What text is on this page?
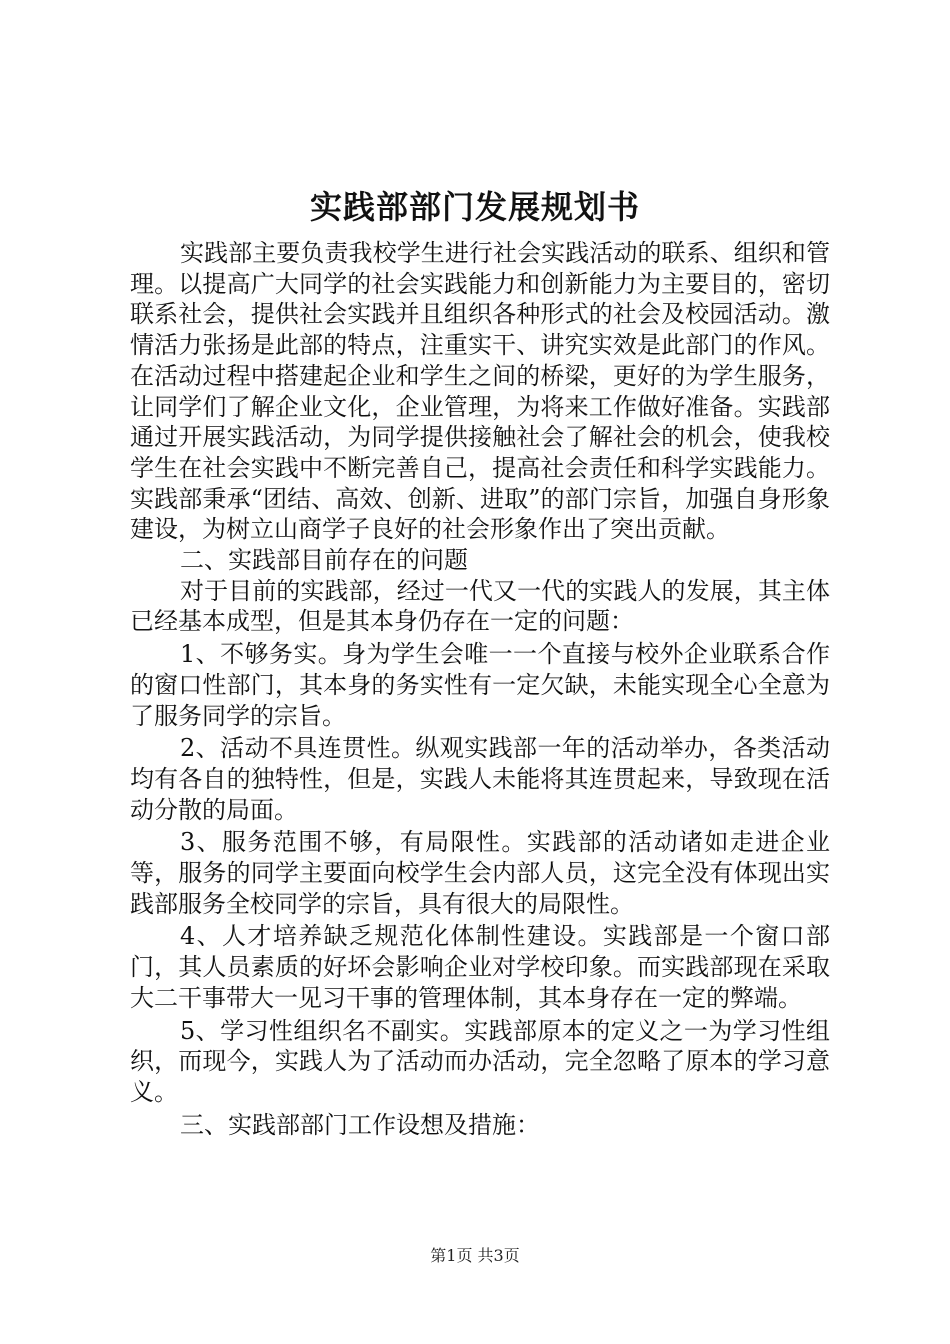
实践部部门发展规划书

实践部主要负责我校学生进行社会实践活动的联系、组织和管理。以提高广大同学的社会实践能力和创新能力为主要目的，密切联系社会，提供社会实践并且组织各种形式的社会及校园活动。激情活力张扬是此部的特点，注重实干、讲究实效是此部门的作风。在活动过程中搭建起企业和学生之间的桥梁，更好的为学生服务，让同学们了解企业文化，企业管理，为将来工作做好准备。实践部通过开展实践活动，为同学提供接触社会了解社会的机会，使我校学生在社会实践中不断完善自己，提高社会责任和科学实践能力。实践部秉承“团结、高效、创新、进取”的部门宗旨，加强自身形象建设，为树立山商学子良好的社会形象作出了突出贡献。

二、实践部目前存在的问题

对于目前的实践部，经过一代又一代的实践人的发展，其主体已经基本成型，但是其本身仍存在一定的问题：

1、不够务实。身为学生会唯一一个直接与校外企业联系合作的窗口性部门，其本身的务实性有一定欠缺，未能实现全心全意为了服务同学的宗旨。

2、活动不具连贯性。纵观实践部一年的活动举办，各类活动均有各自的独特性，但是，实践人未能将其连贯起来，导致现在活动分散的局面。

3、服务范围不够，有局限性。实践部的活动诸如走进企业等，服务的同学主要面向校学生会内部人员，这完全没有体现出实践部服务全校同学的宗旨，具有很大的局限性。

4、人才培养缺乏规范化体制性建设。实践部是一个窗口部门，其人员素质的好坏会影响企业对学校印象。而实践部现在采取大二干事带大一见习干事的管理体制，其本身存在一定的弊端。

5、学习性组织名不副实。实践部原本的定义之一为学习性组织，而现今，实践人为了活动而办活动，完全忽略了原本的学习意义。

三、实践部部门工作设想及措施：

第1页 共3页
